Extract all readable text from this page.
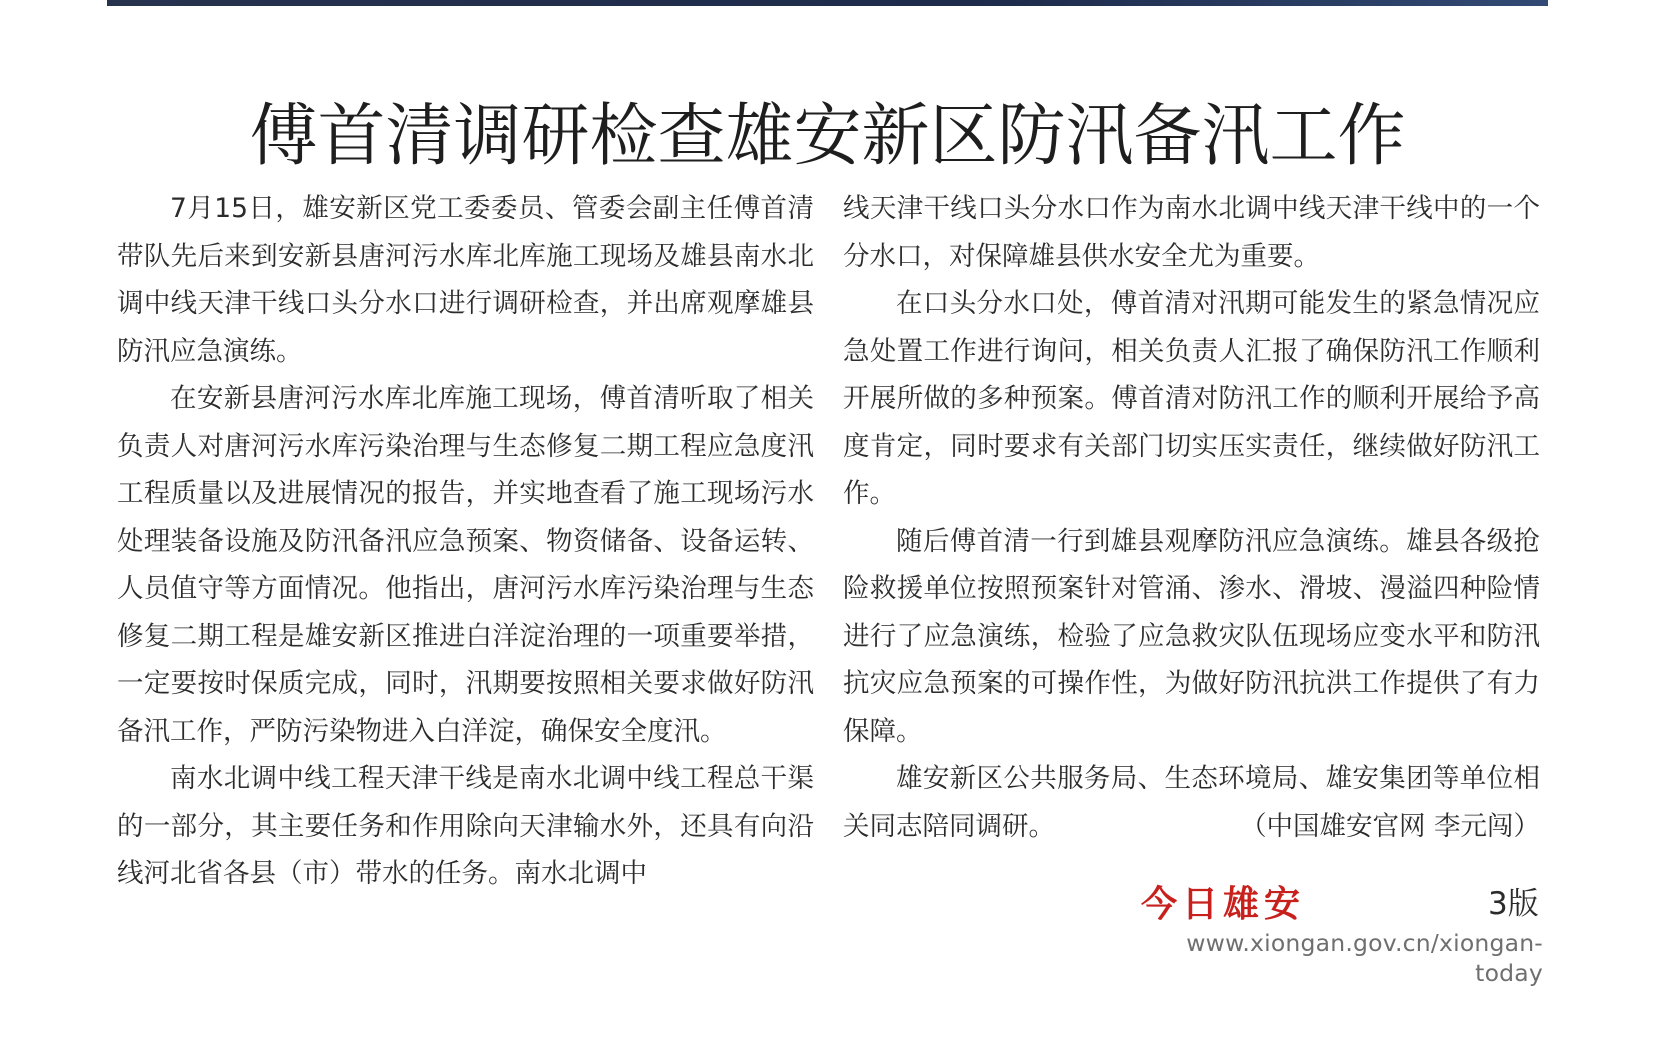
傅首清调研检查雄安新区防汛备汛工作

7月15日，雄安新区党工委委员、管委会副主任傅首清带队先后来到安新县唐河污水库北库施工现场及雄县南水北调中线天津干线口头分水口进行调研检查，并出席观摩雄县防汛应急演练。

在安新县唐河污水库北库施工现场，傅首清听取了相关负责人对唐河污水库污染治理与生态修复二期工程应急度汛工程质量以及进展情况的报告，并实地查看了施工现场污水处理装备设施及防汛备汛应急预案、物资储备、设备运转、人员值守等方面情况。他指出，唐河污水库污染治理与生态修复二期工程是雄安新区推进白洋淀治理的一项重要举措，一定要按时保质完成，同时，汛期要按照相关要求做好防汛备汛工作，严防污染物进入白洋淀，确保安全度汛。

南水北调中线工程天津干线是南水北调中线工程总干渠的一部分，其主要任务和作用除向天津输水外，还具有向沿线河北省各县（市）带水的任务。南水北调中

线天津干线口头分水口作为南水北调中线天津干线中的一个分水口，对保障雄县供水安全尤为重要。

在口头分水口处，傅首清对汛期可能发生的紧急情况应急处置工作进行询问，相关负责人汇报了确保防汛工作顺利开展所做的多种预案。傅首清对防汛工作的顺利开展给予高度肯定，同时要求有关部门切实压实责任，继续做好防汛工作。

随后傅首清一行到雄县观摩防汛应急演练。雄县各级抢险救援单位按照预案针对管涌、渗水、滑坡、漫溢四种险情进行了应急演练，检验了应急救灾队伍现场应变水平和防汛抗灾应急预案的可操作性，为做好防汛抗洪工作提供了有力保障。

雄安新区公共服务局、生态环境局、雄安集团等单位相关同志陪同调研。	（中国雄安官网 李元闯）

今日雄安	3版
www.xiongan.gov.cn/xiongan-today
